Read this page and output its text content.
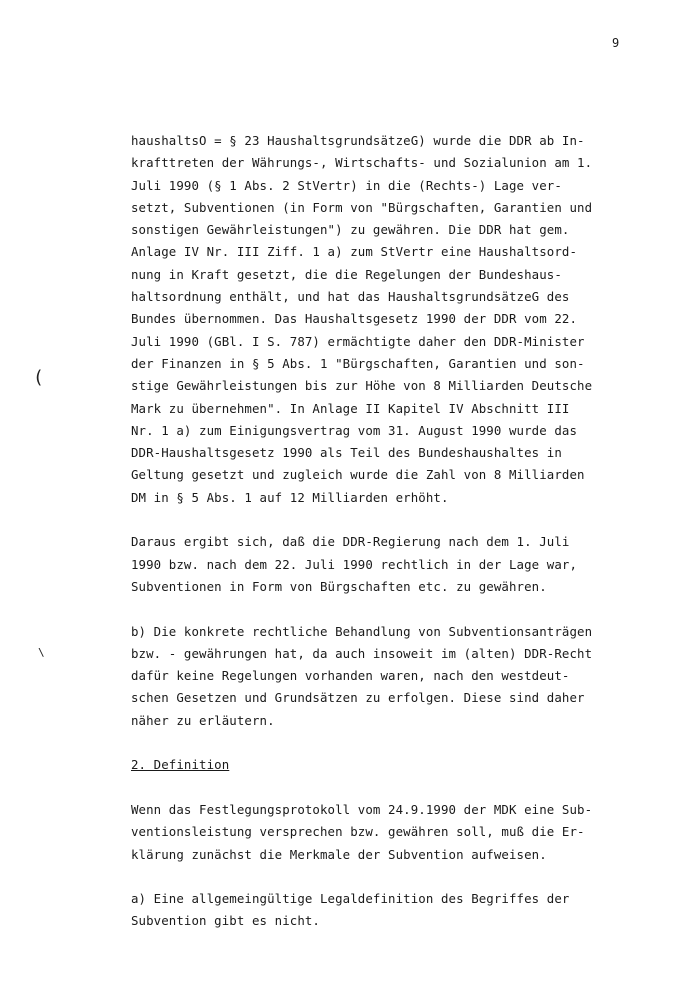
9
(
\
haushaltsO = § 23 HaushaltsgrundsätzeG) wurde die DDR ab In-
krafttreten der Währungs-, Wirtschafts- und Sozialunion am 1.
Juli 1990 (§ 1 Abs. 2 StVertr) in die (Rechts-) Lage ver-
setzt, Subventionen (in Form von "Bürgschaften, Garantien und
sonstigen Gewährleistungen") zu gewähren. Die DDR hat gem.
Anlage IV Nr. III Ziff. 1 a) zum StVertr eine Haushaltsord-
nung in Kraft gesetzt, die die Regelungen der Bundeshaus-
haltsordnung enthält, und hat das HaushaltsgrundsätzeG des
Bundes übernommen. Das Haushaltsgesetz 1990 der DDR vom 22.
Juli 1990 (GBl. I S. 787) ermächtigte daher den DDR-Minister
der Finanzen in § 5 Abs. 1 "Bürgschaften, Garantien und son-
stige Gewährleistungen bis zur Höhe von 8 Milliarden Deutsche
Mark zu übernehmen". In Anlage II Kapitel IV Abschnitt III
Nr. 1 a) zum Einigungsvertrag vom 31. August 1990 wurde das
DDR-Haushaltsgesetz 1990 als Teil des Bundeshaushaltes in
Geltung gesetzt und zugleich wurde die Zahl von 8 Milliarden
DM in § 5 Abs. 1 auf 12 Milliarden erhöht.
Daraus ergibt sich, daß die DDR-Regierung nach dem 1. Juli
1990 bzw. nach dem 22. Juli 1990 rechtlich in der Lage war,
Subventionen in Form von Bürgschaften etc. zu gewähren.
b) Die konkrete rechtliche Behandlung von Subventionsanträgen
bzw. - gewährungen hat, da auch insoweit im (alten) DDR-Recht
dafür keine Regelungen vorhanden waren, nach den westdeut-
schen Gesetzen und Grundsätzen zu erfolgen. Diese sind daher
näher zu erläutern.
2. Definition
Wenn das Festlegungsprotokoll vom 24.9.1990 der MDK eine Sub-
ventionsleistung versprechen bzw. gewähren soll, muß die Er-
klärung zunächst die Merkmale der Subvention aufweisen.
a) Eine allgemeingültige Legaldefinition des Begriffes der
Subvention gibt es nicht.
